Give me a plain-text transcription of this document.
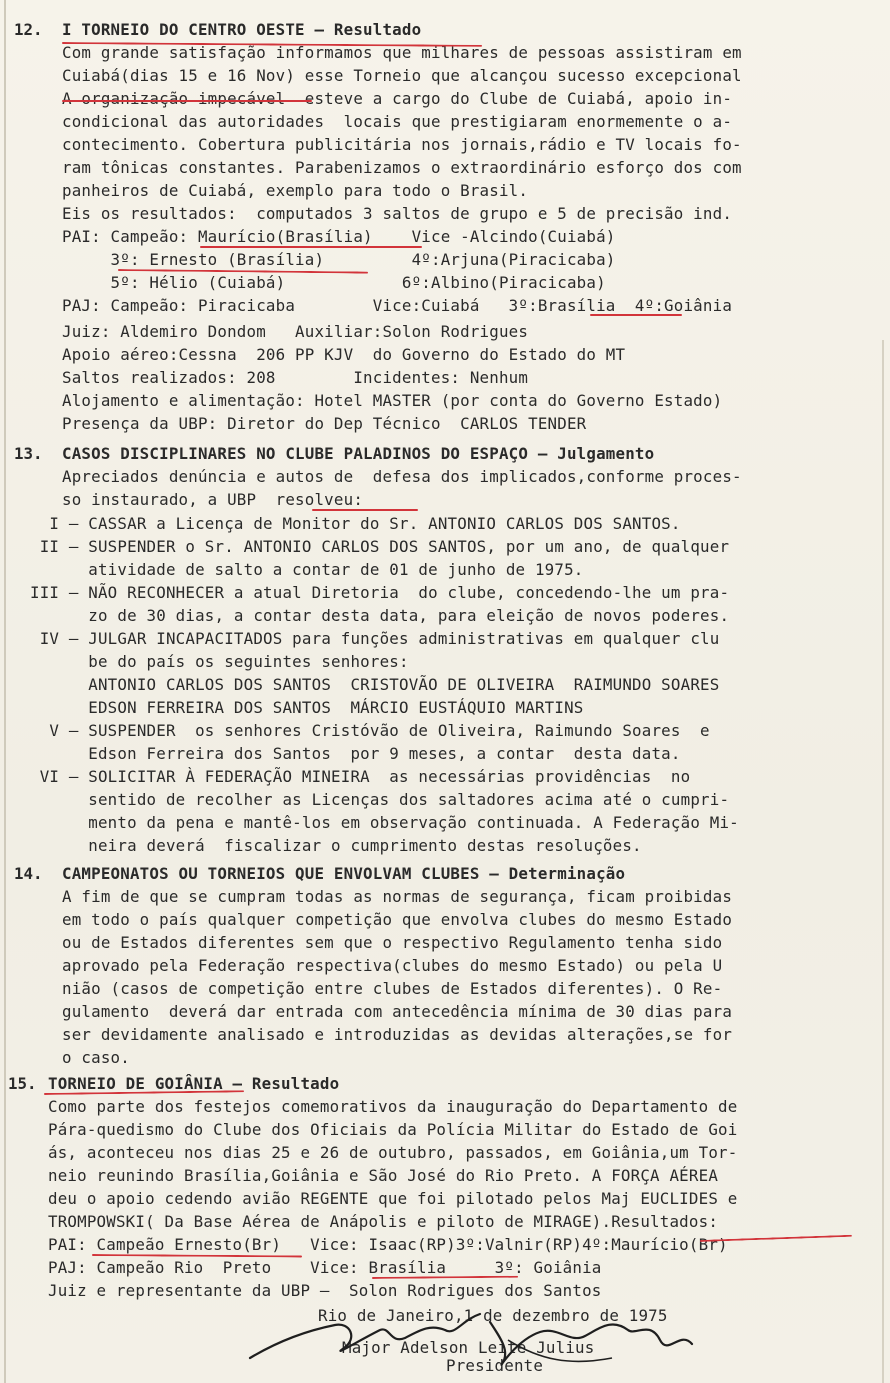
12. I TORNEIO DO CENTRO OESTE – Resultado
Com grande satisfação informamos que milhares de pessoas assistiram em
Cuiabá(dias 15 e 16 Nov) esse Torneio que alcançou sucesso excepcional
A organização impecável  esteve a cargo do Clube de Cuiabá, apoio in-
condicional das autoridades  locais que prestigiaram enormemente o a-
contecimento. Cobertura publicitária nos jornais,rádio e TV locais fo-
ram tônicas constantes. Parabenizamos o extraordinário esforço dos com
panheiros de Cuiabá, exemplo para todo o Brasil.
Eis os resultados:  computados 3 saltos de grupo e 5 de precisão ind.
PAI: Campeão: Maurício(Brasília)    Vice -Alcindo(Cuiabá)
3º: Ernesto (Brasília)         4º:Arjuna(Piracicaba)
5º: Hélio (Cuiabá)            6º:Albino(Piracicaba)
PAJ: Campeão: Piracicaba        Vice:Cuiabá   3º:Brasília  4º:Goiânia
Juiz: Aldemiro Dondom   Auxiliar:Solon Rodrigues
Apoio aéreo:Cessna  206 PP KJV  do Governo do Estado do MT
Saltos realizados: 208        Incidentes: Nenhum
Alojamento e alimentação: Hotel MASTER (por conta do Governo Estado)
Presença da UBP: Diretor do Dep Técnico  CARLOS TENDER
13. CASOS DISCIPLINARES NO CLUBE PALADINOS DO ESPAÇO – Julgamento
Apreciados denúncia e autos de  defesa dos implicados,conforme proces-
so instaurado, a UBP  resolveu:
I – CASSAR a Licença de Monitor do Sr. ANTONIO CARLOS DOS SANTOS.
II – SUSPENDER o Sr. ANTONIO CARLOS DOS SANTOS, por um ano, de qualquer
atividade de salto a contar de 01 de junho de 1975.
III – NÃO RECONHECER a atual Diretoria  do clube, concedendo-lhe um pra-
zo de 30 dias, a contar desta data, para eleição de novos poderes.
IV – JULGAR INCAPACITADOS para funções administrativas em qualquer clu
be do país os seguintes senhores:
ANTONIO CARLOS DOS SANTOS  CRISTOVÃO DE OLIVEIRA  RAIMUNDO SOARES
EDSON FERREIRA DOS SANTOS  MÁRCIO EUSTÁQUIO MARTINS
V – SUSPENDER  os senhores Cristóvão de Oliveira, Raimundo Soares  e
Edson Ferreira dos Santos  por 9 meses, a contar  desta data.
VI – SOLICITAR À FEDERAÇÃO MINEIRA  as necessárias providências  no
sentido de recolher as Licenças dos saltadores acima até o cumpri-
mento da pena e mantê-los em observação continuada. A Federação Mi-
neira deverá  fiscalizar o cumprimento destas resoluções.
14. CAMPEONATOS OU TORNEIOS QUE ENVOLVAM CLUBES – Determinação
A fim de que se cumpram todas as normas de segurança, ficam proibidas
em todo o país qualquer competição que envolva clubes do mesmo Estado
ou de Estados diferentes sem que o respectivo Regulamento tenha sido
aprovado pela Federação respectiva(clubes do mesmo Estado) ou pela U
nião (casos de competição entre clubes de Estados diferentes). O Re-
gulamento  deverá dar entrada com antecedência mínima de 30 dias para
ser devidamente analisado e introduzidas as devidas alterações,se for
o caso.
15. TORNEIO DE GOIÂNIA – Resultado
Como parte dos festejos comemorativos da inauguração do Departamento de
Pára-quedismo do Clube dos Oficiais da Polícia Militar do Estado de Goi
ás, aconteceu nos dias 25 e 26 de outubro, passados, em Goiânia,um Tor-
neio reunindo Brasília,Goiânia e São José do Rio Preto. A FORÇA AÉREA
deu o apoio cedendo avião REGENTE que foi pilotado pelos Maj EUCLIDES e
TROMPOWSKI( Da Base Aérea de Anápolis e piloto de MIRAGE).Resultados:
PAI: Campeão Ernesto(Br)   Vice: Isaac(RP)3º:Valnir(RP)4º:Maurício(Br)
PAJ: Campeão Rio  Preto    Vice: Brasília     3º: Goiânia
Juiz e representante da UBP –  Solon Rodrigues dos Santos
Rio de Janeiro,1 de dezembro de 1975
Major Adelson Leite Julius
Presidente
